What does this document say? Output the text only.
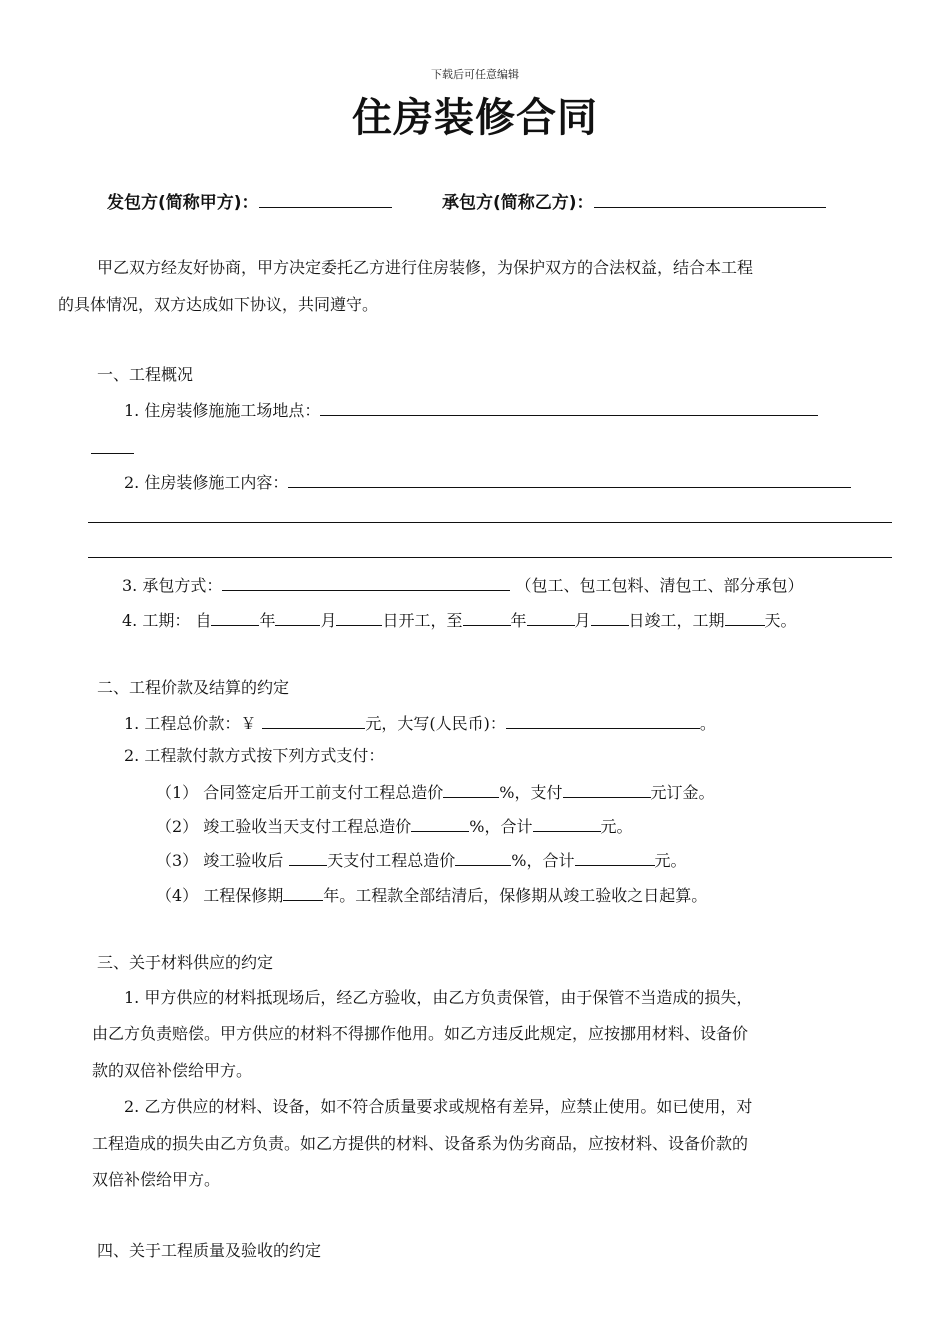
下载后可任意编辑
住房装修合同
发包方(简称甲方)：	承包方(简称乙方)：
甲乙双方经友好协商，甲方决定委托乙方进行住房装修，为保护双方的合法权益，结合本工程
的具体情况，双方达成如下协议，共同遵守。
一、工程概况
1. 住房装修施施工场地点：
2. 住房装修施工内容：
3. 承包方式：	（包工、包工包料、清包工、部分承包）
4. 工期： 自	年	月	日开工，至	年	月 日竣工，工期	天。
二、工程价款及结算的约定
1. 工程总价款：￥	元，大写(人民币)：	。
2. 工程款付款方式按下列方式支付：
（1） 合同签定后开工前支付工程总造价	%，支付	元订金。
（2） 竣工验收当天支付工程总造价	%，合计	元。
（3） 竣工验收后	天支付工程总造价	%，合计	元。
（4） 工程保修期	年。工程款全部结清后，保修期从竣工验收之日起算。
三、关于材料供应的约定
1. 甲方供应的材料抵现场后，经乙方验收，由乙方负责保管，由于保管不当造成的损失，
由乙方负责赔偿。甲方供应的材料不得挪作他用。如乙方违反此规定，应按挪用材料、设备价
款的双倍补偿给甲方。
2. 乙方供应的材料、设备，如不符合质量要求或规格有差异，应禁止使用。如已使用，对
工程造成的损失由乙方负责。如乙方提供的材料、设备系为伪劣商品，应按材料、设备价款的
双倍补偿给甲方。
四、关于工程质量及验收的约定
